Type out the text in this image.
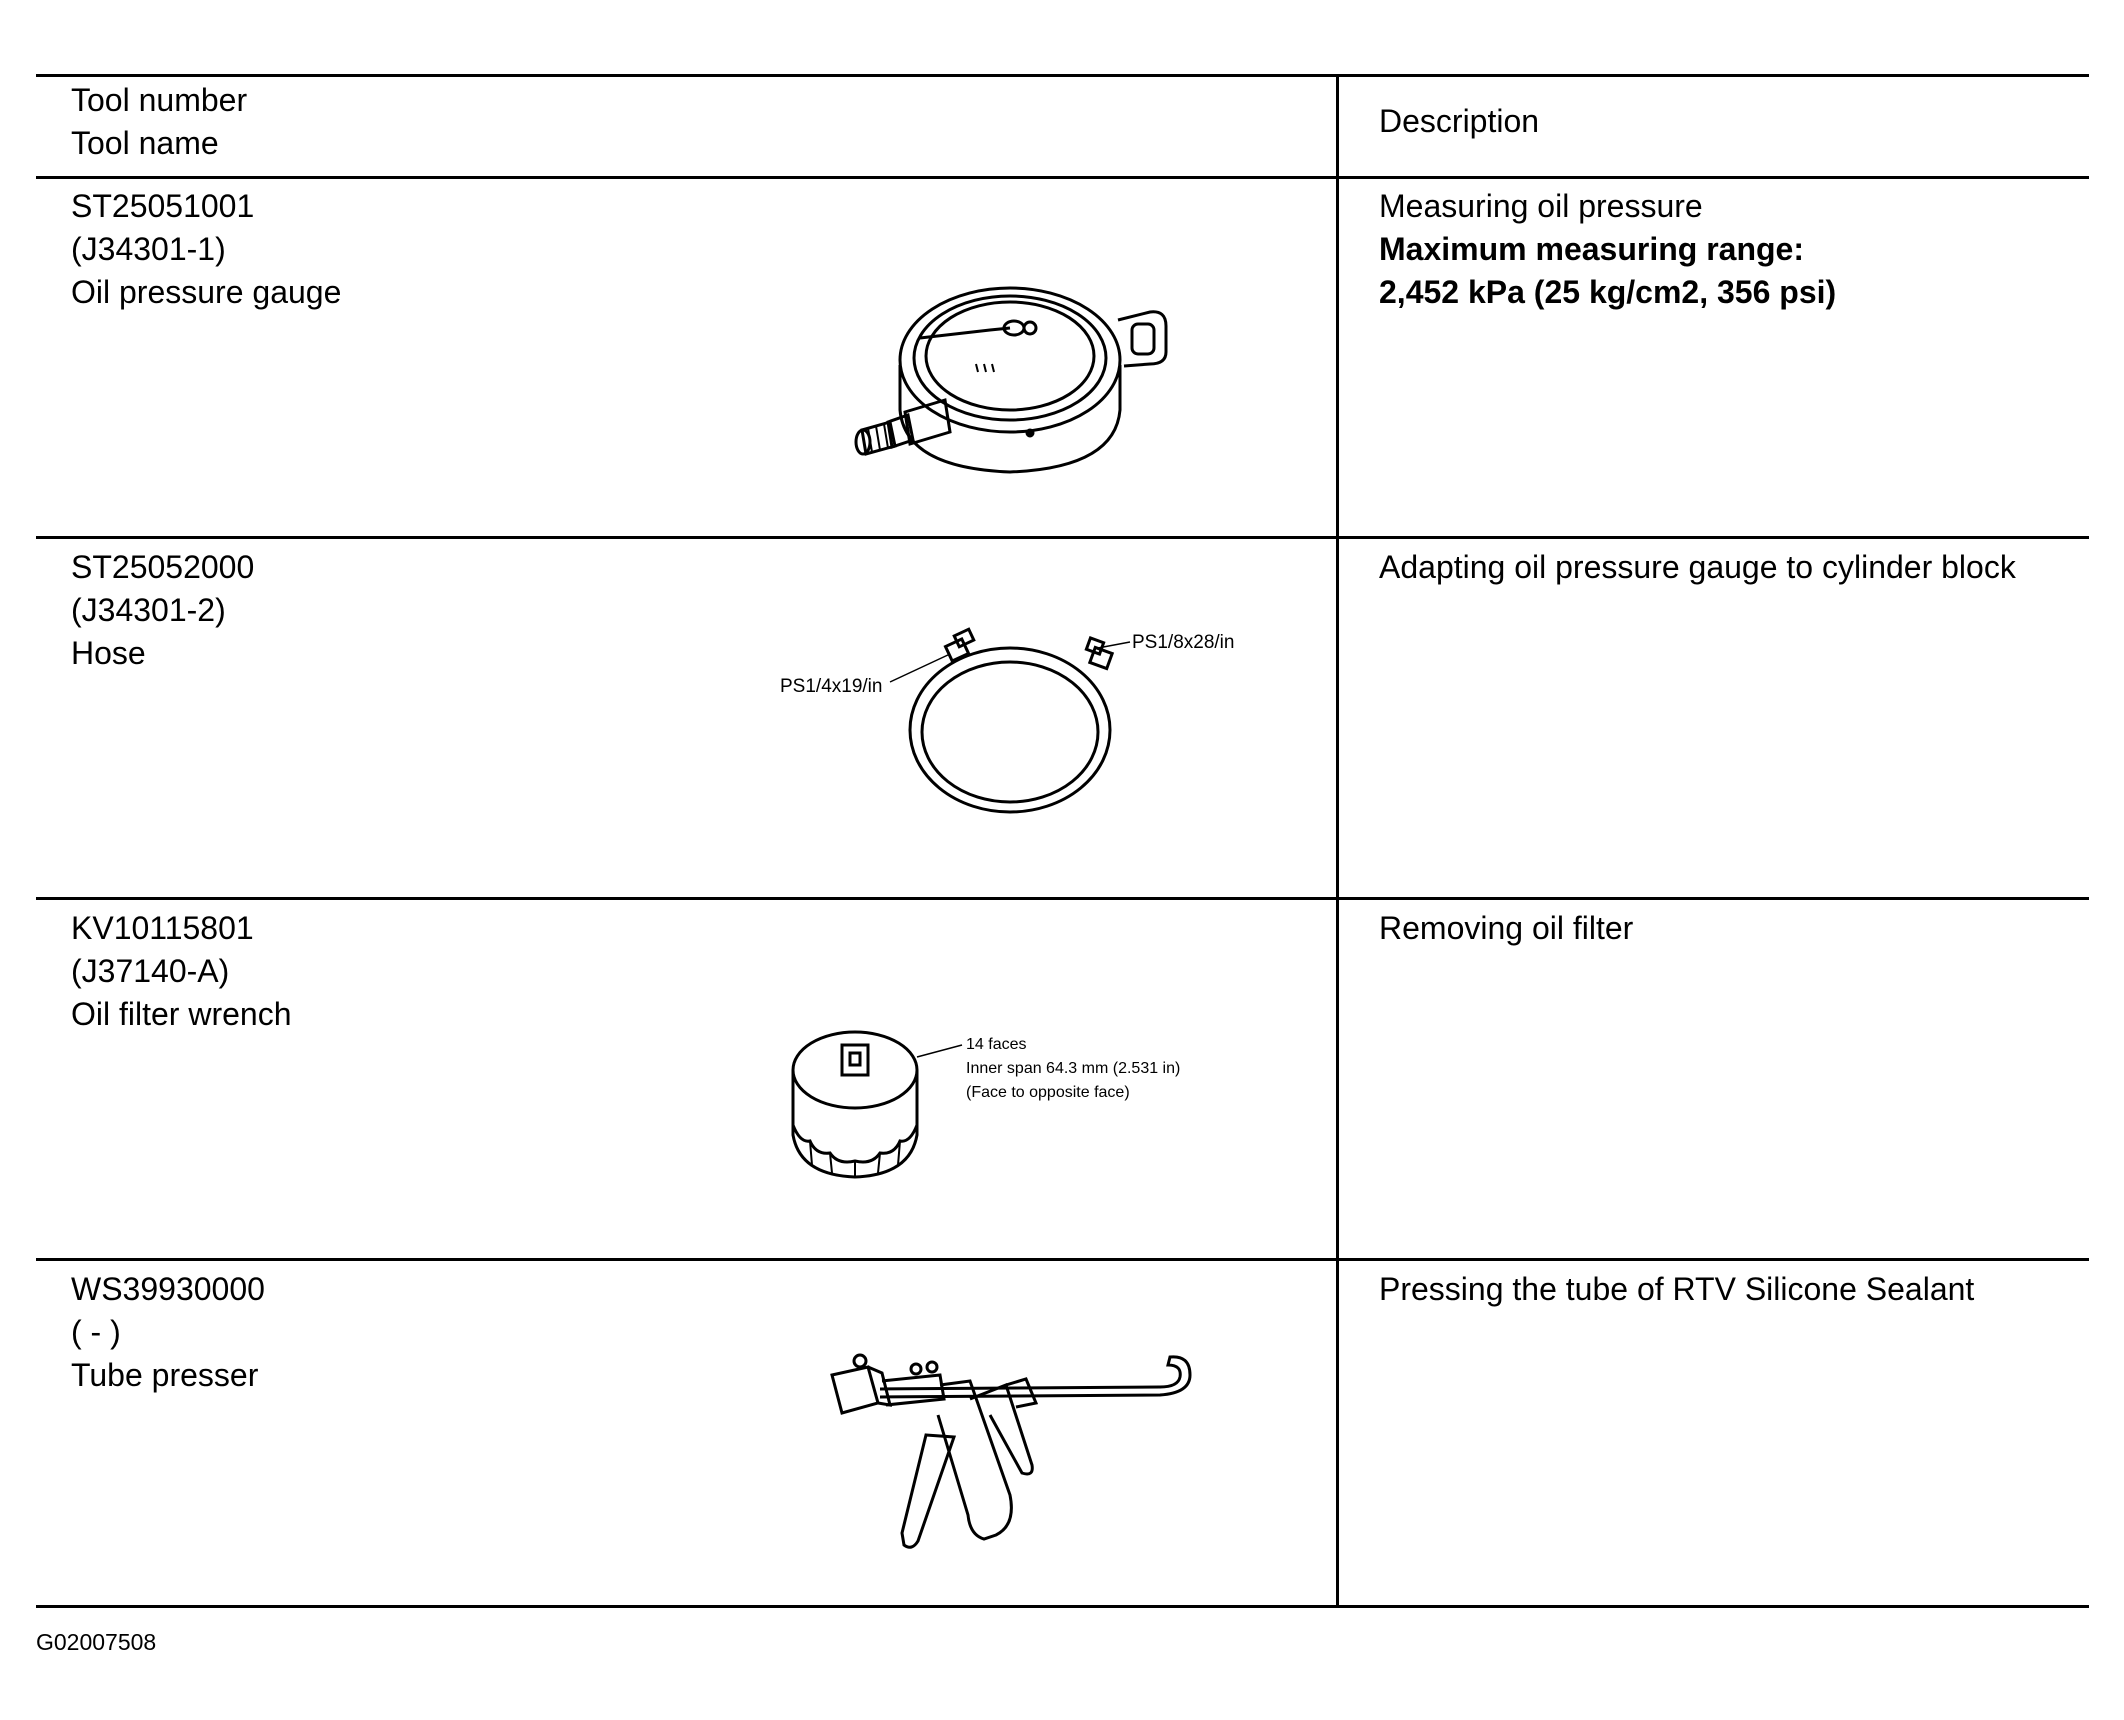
Tool number
Tool name
Description
ST25051001
(J34301-1)
Oil pressure gauge
Measuring oil pressure
Maximum measuring range:
2,452 kPa (25 kg/cm2, 356 psi)
ST25052000
(J34301-2)
Hose
Adapting oil pressure gauge to cylinder block
PS1/4x19/in
PS1/8x28/in
KV10115801
(J37140-A)
Oil filter wrench
Removing oil filter
14 faces
Inner span 64.3 mm (2.531 in)
(Face to opposite face)
WS39930000
( - )
Tube presser
Pressing the tube of RTV Silicone Sealant
G02007508
